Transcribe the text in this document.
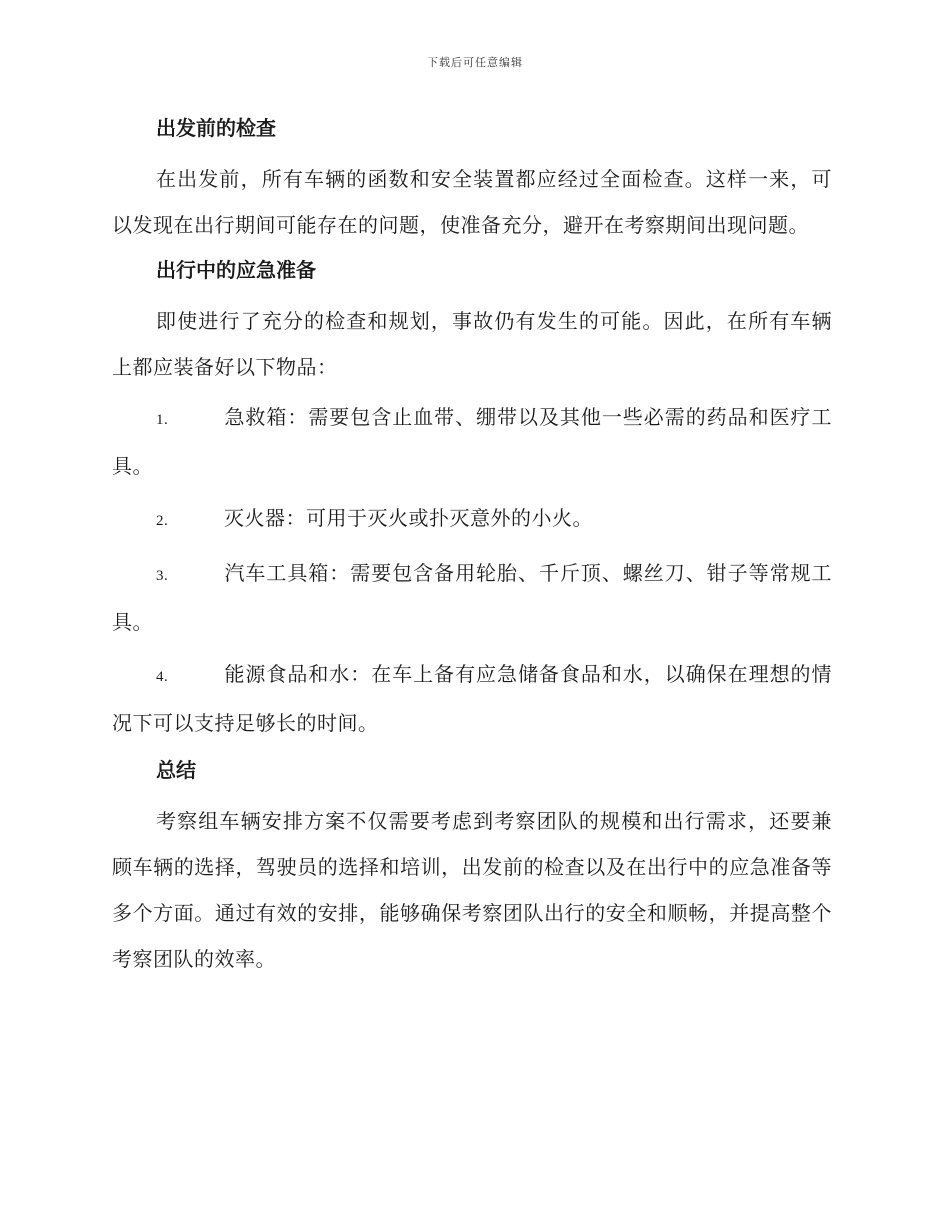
下载后可任意编辑
出发前的检查

在出发前，所有车辆的函数和安全装置都应经过全面检查。这样一来，可以发现在出行期间可能存在的问题，使准备充分，避开在考察期间出现问题。

出行中的应急准备

即使进行了充分的检查和规划，事故仍有发生的可能。因此，在所有车辆上都应装备好以下物品：

1.	急救箱：需要包含止血带、绷带以及其他一些必需的药品和医疗工具。
2.	灭火器：可用于灭火或扑灭意外的小火。
3.	汽车工具箱：需要包含备用轮胎、千斤顶、螺丝刀、钳子等常规工具。
4.	能源食品和水：在车上备有应急储备食品和水，以确保在理想的情况下可以支持足够长的时间。
总结

考察组车辆安排方案不仅需要考虑到考察团队的规模和出行需求，还要兼顾车辆的选择，驾驶员的选择和培训，出发前的检查以及在出行中的应急准备等多个方面。通过有效的安排，能够确保考察团队出行的安全和顺畅，并提高整个考察团队的效率。
